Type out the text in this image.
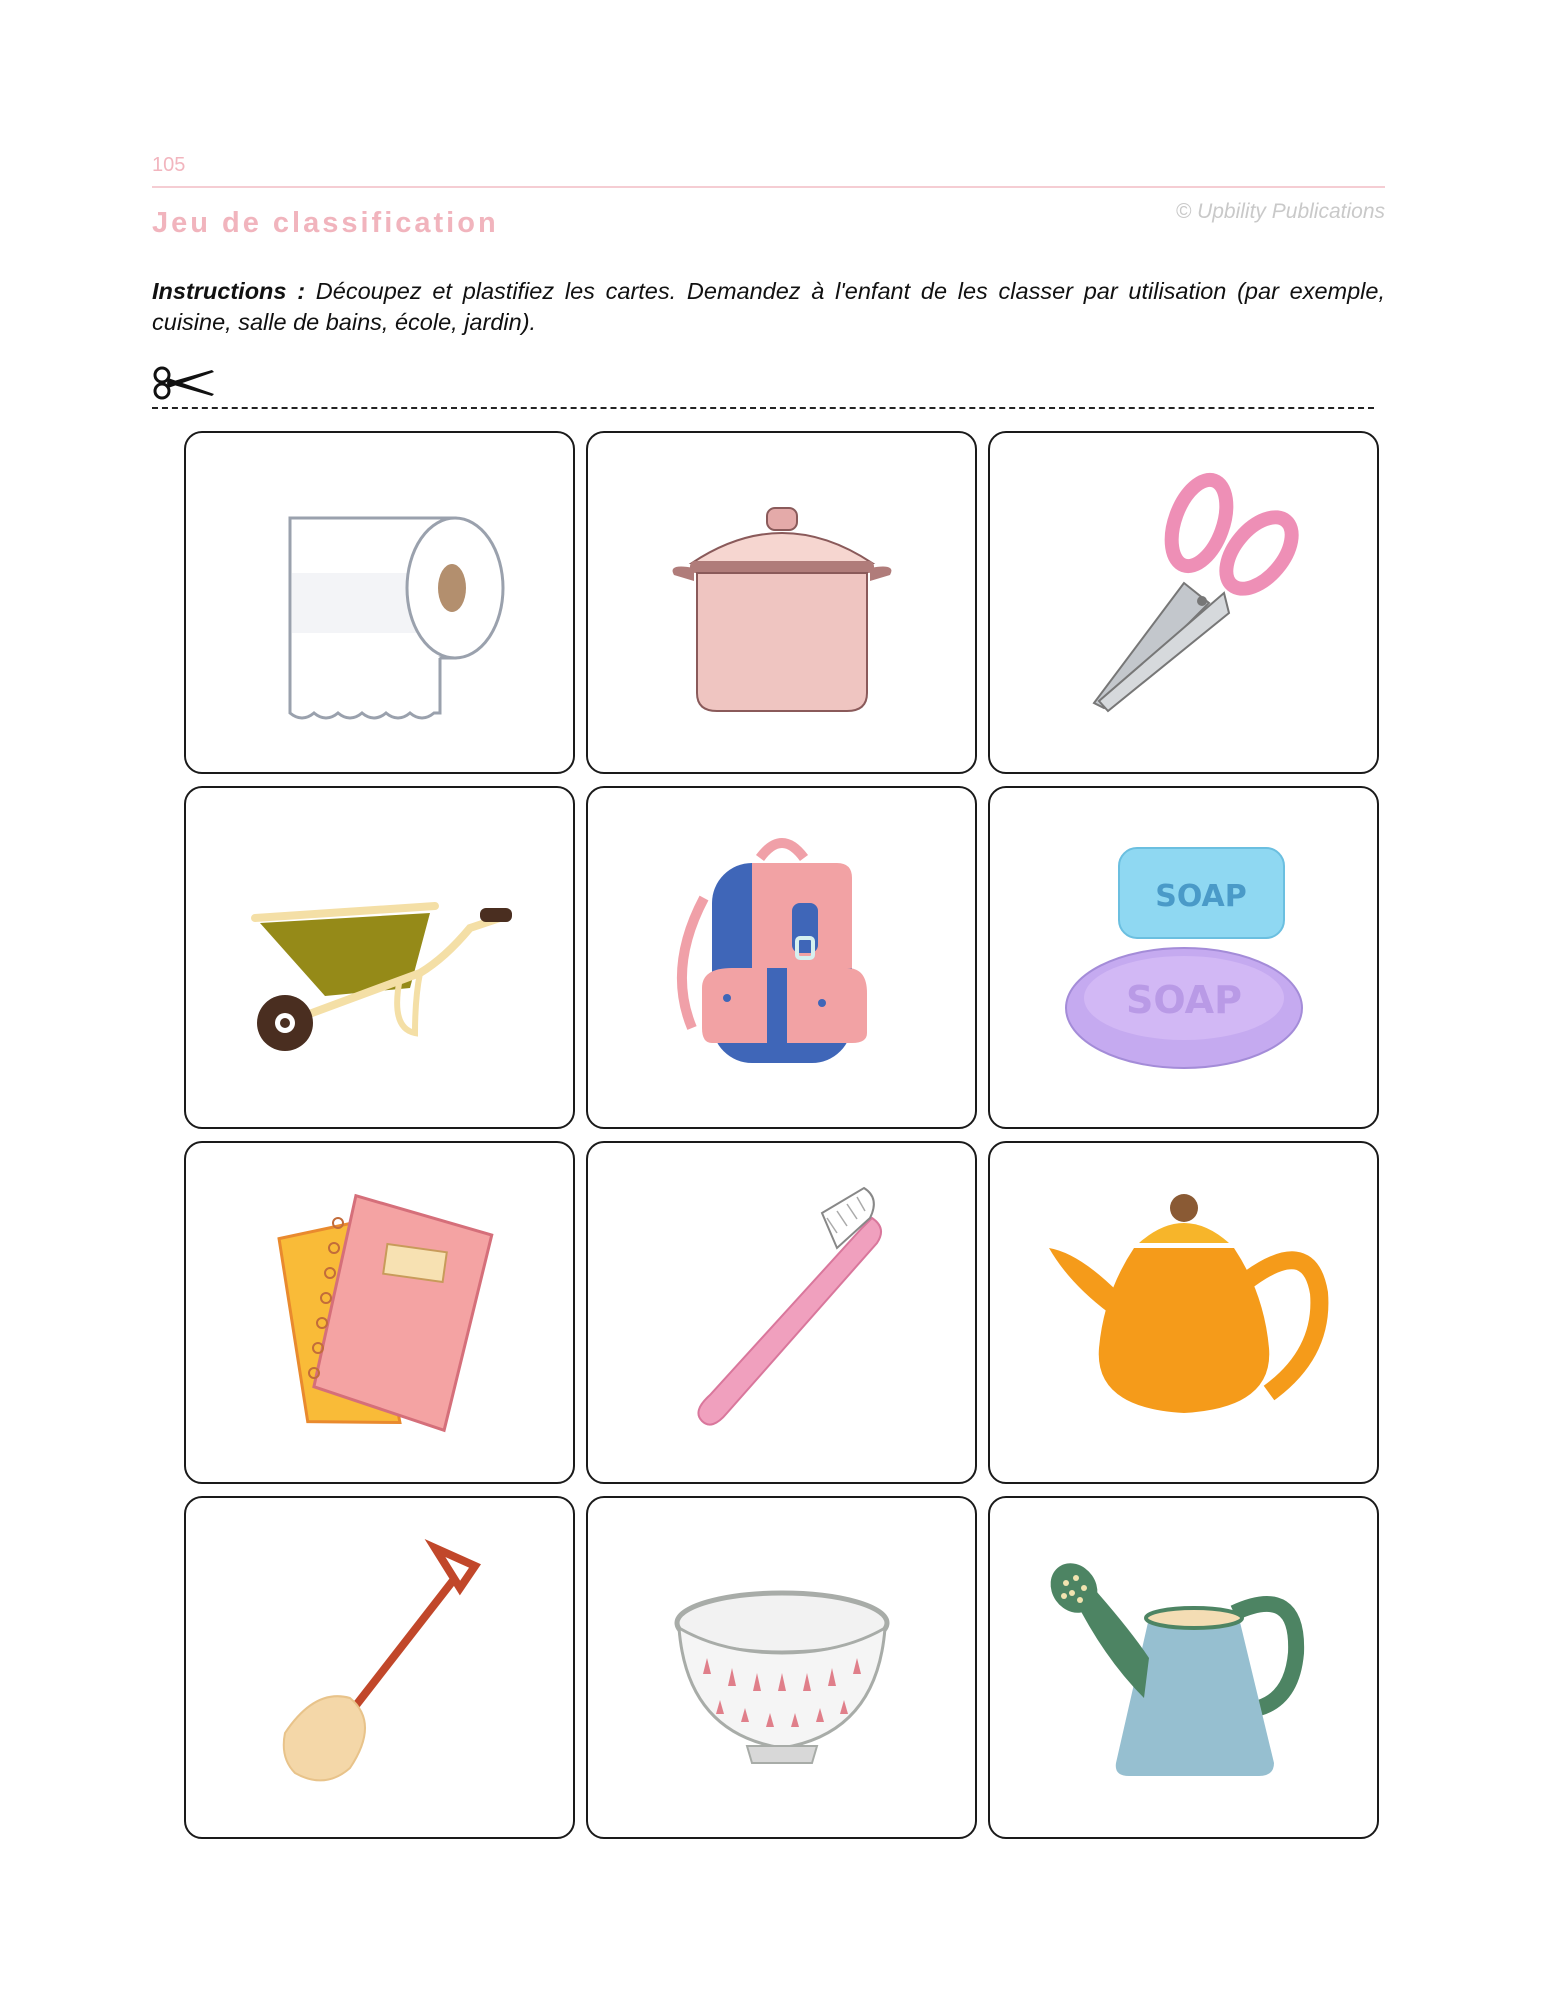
105
Jeu de classification	© Upbility Publications
Instructions : Découpez et plastifiez les cartes. Demandez à l'enfant de les classer par utilisation (par exemple, cuisine, salle de bains, école, jardin).
SOAP
SOAP
